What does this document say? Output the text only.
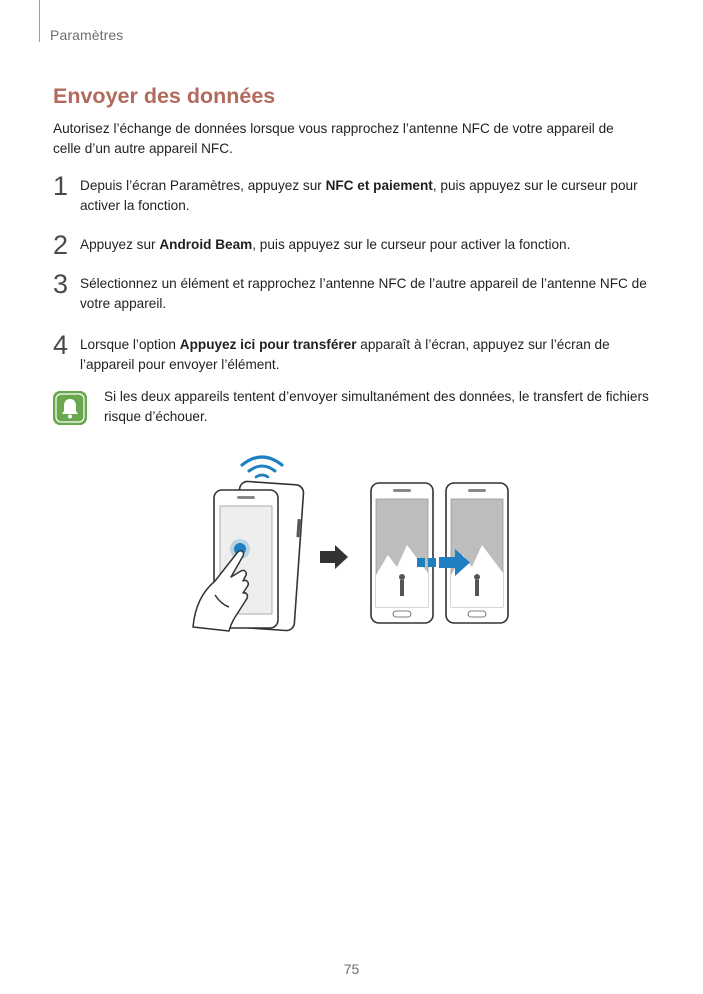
Paramètres
Envoyer des données

Autorisez l’échange de données lorsque vous rapprochez l’antenne NFC de votre appareil de celle d’un autre appareil NFC.

1 Depuis l’écran Paramètres, appuyez sur NFC et paiement, puis appuyez sur le curseur pour activer la fonction.

2 Appuyez sur Android Beam, puis appuyez sur le curseur pour activer la fonction.

3 Sélectionnez un élément et rapprochez l’antenne NFC de l’autre appareil de l’antenne NFC de votre appareil.

4 Lorsque l’option Appuyez ici pour transférer apparaît à l’écran, appuyez sur l’écran de l’appareil pour envoyer l’élément.

Si les deux appareils tentent d’envoyer simultanément des données, le transfert de fichiers risque d’échouer.

75
